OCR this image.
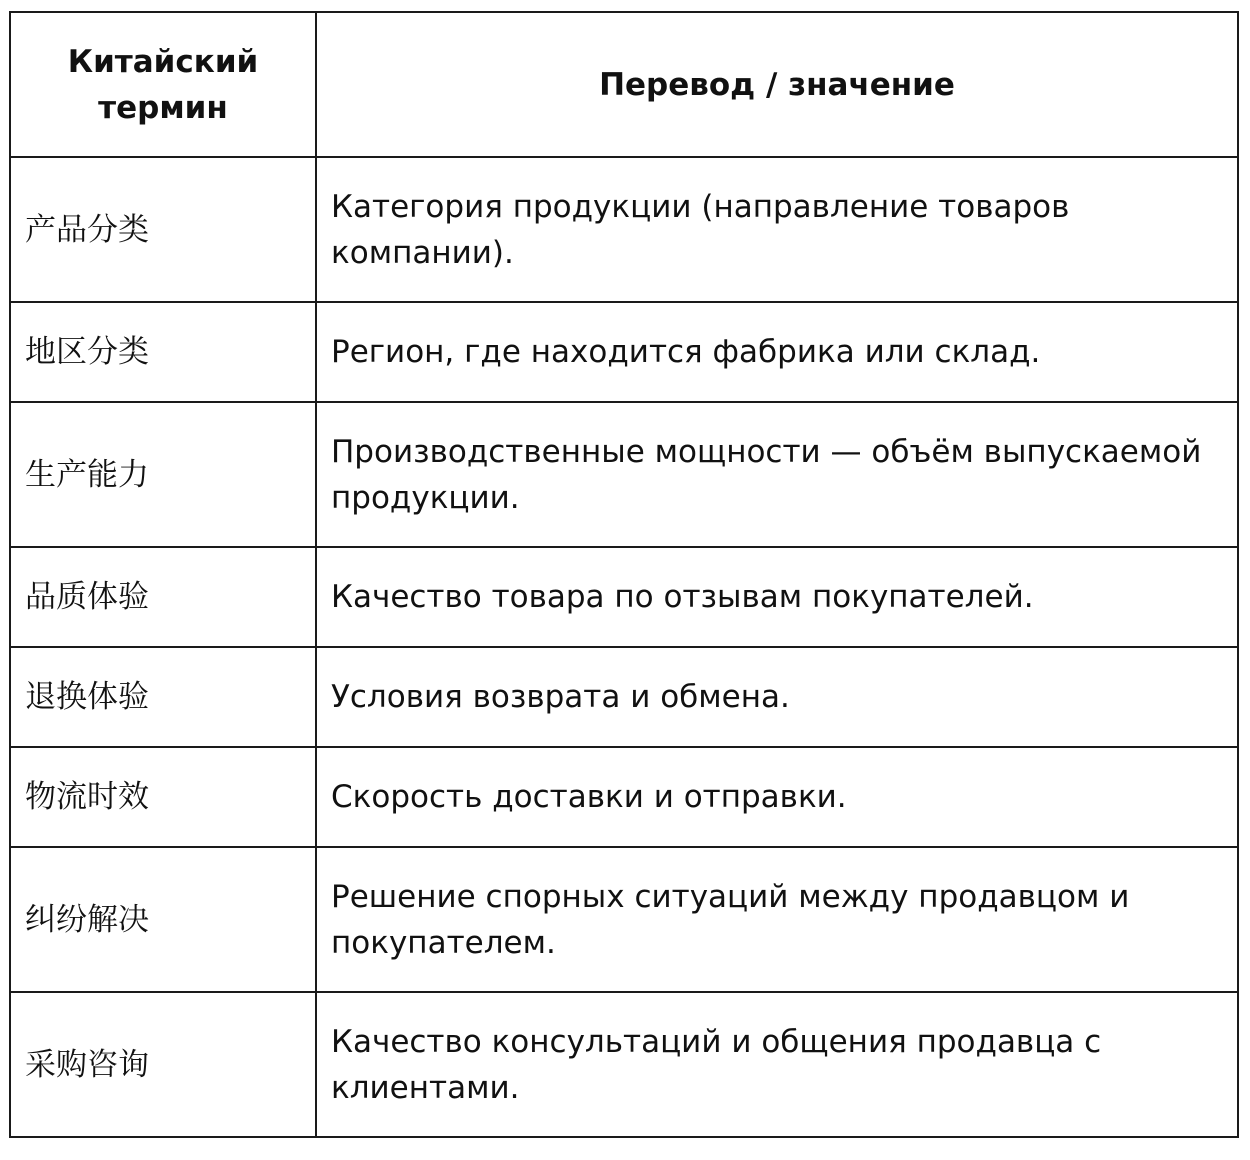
Китайский термин	Перевод / значение
产品分类	Категория продукции (направление товаров компании).
地区分类	Регион, где находится фабрика или склад.
生产能力	Производственные мощности — объём выпускаемой продукции.
品质体验	Качество товара по отзывам покупателей.
退换体验	Условия возврата и обмена.
物流时效	Скорость доставки и отправки.
纠纷解决	Решение спорных ситуаций между продавцом и покупателем.
采购咨询	Качество консультаций и общения продавца с клиентами.
